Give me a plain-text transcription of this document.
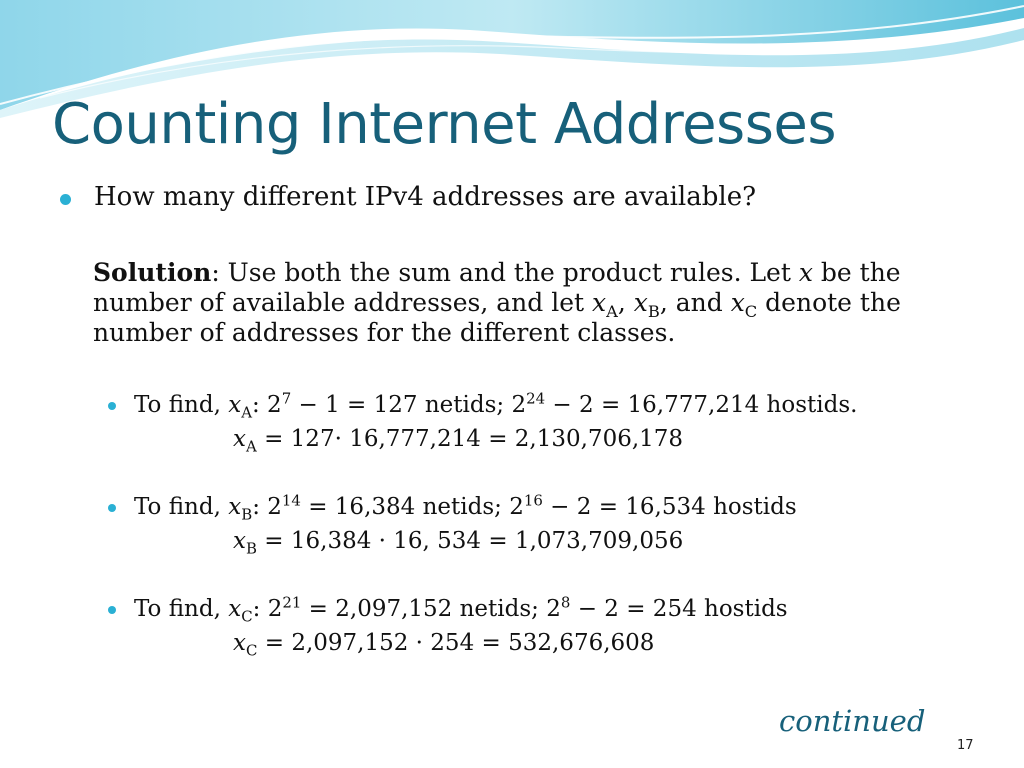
Counting Internet Addresses
How many different IPv4 addresses are available?
Solution: Use both the sum and the product rules. Let x be the
number of available addresses, and let $x_A$, $x_B$, and $x_C$ denote the
number of addresses for the different classes.
To find, $x_A$: $2^7 - 1 = 127$ netids; $2^{24} - 2 = 16,777,214$ hostids.
$x_A = 127\cdot 16,777,214 = 2,130,706,178$
To find, $x_B$: $2^{14} = 16,384$ netids; $2^{16} - 2 = 16,534$ hostids
$x_B = 16,384 \cdot 16$, 534 = 1,073,709,056
To find, $x_C$: $2^{21} = 2,097,152$ netids; $2^8 - 2 = 254$ hostids
$x_C = 2,097,152 \cdot 254 = 532,676,608$
continued
17
